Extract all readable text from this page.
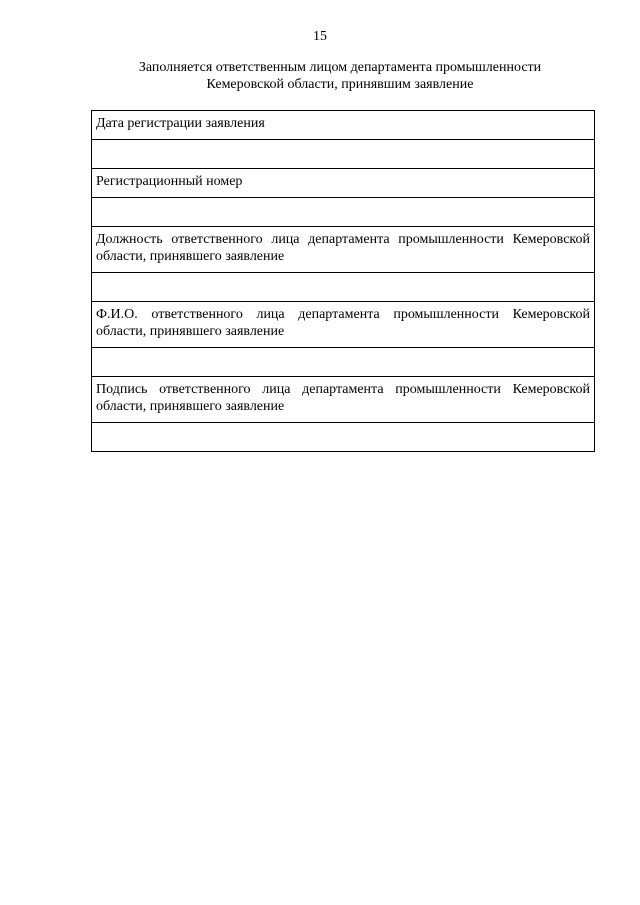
15
Заполняется ответственным лицом департамента промышленности
Кемеровской области, принявшим заявление
Дата регистрации заявления

Регистрационный номер

Должность ответственного лица департамента промышленности Кемеровской области, принявшего заявление

Ф.И.О. ответственного лица департамента промышленности Кемеровской области, принявшего заявление

Подпись ответственного лица департамента промышленности Кемеровской области, принявшего заявление
